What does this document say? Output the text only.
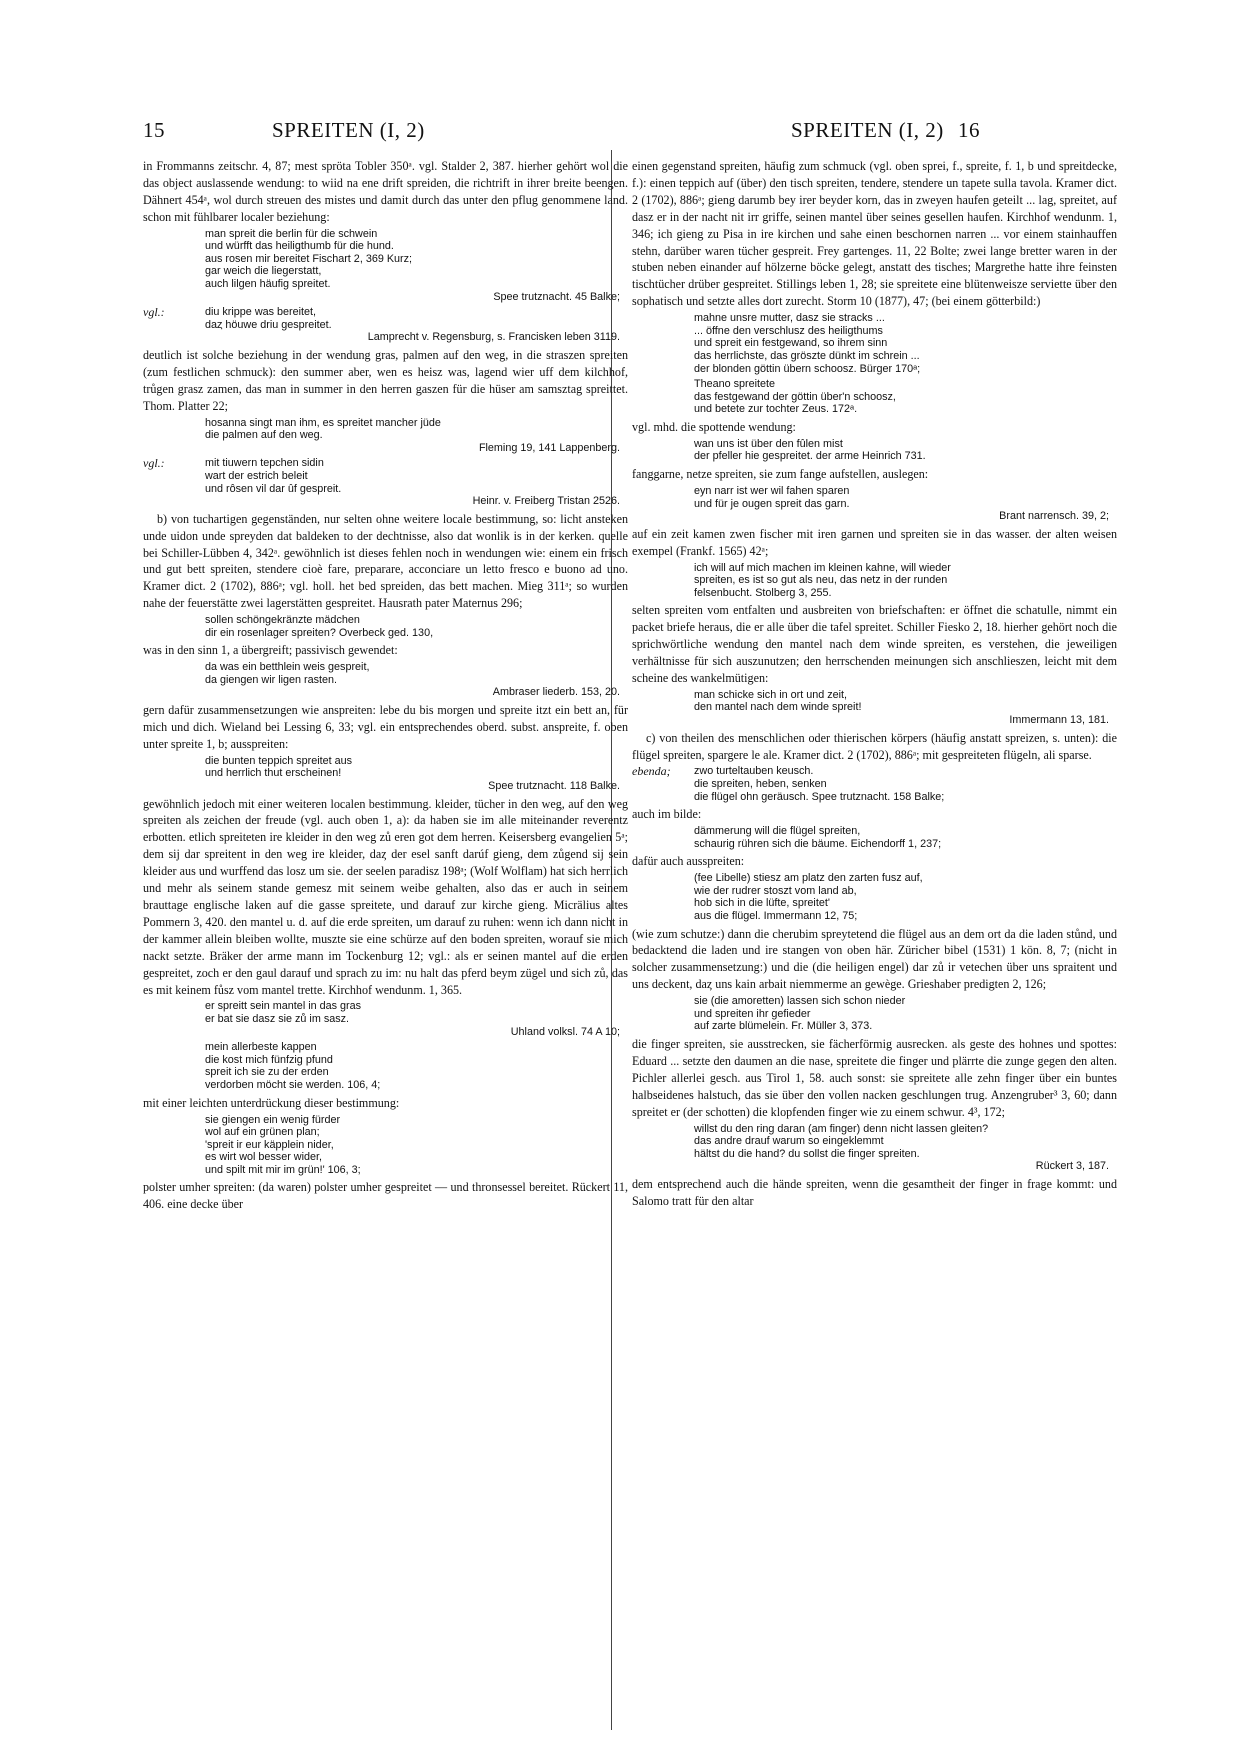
15	SPREITEN (I, 2)	SPREITEN (I, 2) 16

in Frommanns zeitschr. 4, 87; mest spröta Tobler 350ᵃ. vgl. Stalder 2, 387. hierher gehört wol die das object auslassende wendung: to wiid na ene drift spreiden, die richtrift in ihrer breite beengen. Dähnert 454ᵃ, wol durch streuen des mistes und damit durch das unter den pflug genommene land. schon mit fühlbarer localer beziehung:

man spreit die berlin für die schwein
und würfft das heiligthumb für die hund.
aus rosen mir bereitet Fischart 2, 369 Kurz;
gar weich die liegerstatt,
auch lilgen häufig spreitet.
Spee trutznacht. 45 Balke;
vgl.:	diu krippe was bereitet,
daȥ höuwe driu gespreitet.
Lamprecht v. Regensburg, s. Francisken leben 3119.

deutlich ist solche beziehung in der wendung gras, palmen auf den weg, in die straszen spreiten (zum festlichen schmuck): den summer aber, wen es heisz was, lagend wier uff dem kilchhof, trůgen grasz zamen, das man in summer in den herren gaszen für die hüser am samsztag spreittet. Thom. Platter 22;

hosanna singt man ihm, es spreitet mancher jüde
die palmen auf den weg.
Fleming 19, 141 Lappenberg.
vgl.:	mit tiuwern tepchen sidin
wart der estrich beleit
und rôsen vil dar ûf gespreit.
Heinr. v. Freiberg Tristan 2526.

b) von tuchartigen gegenständen, nur selten ohne weitere locale bestimmung, so: licht ansteken unde uidon unde spreyden dat baldeken to der dechtnisse, also dat wonlik is in der kerken. quelle bei Schiller-Lübben 4, 342ᵃ. gewöhnlich ist dieses fehlen noch in wendungen wie: einem ein frisch und gut bett spreiten, stendere cioè fare, preparare, acconciare un letto fresco e buono ad uno. Kramer dict. 2 (1702), 886ᵃ; vgl. holl. het bed spreiden, das bett machen. Mieg 311ᵃ; so wurden nahe der feuerstätte zwei lagerstätten gespreitet. Hausrath pater Maternus 296;

sollen schöngekränzte mädchen
dir ein rosenlager spreiten? Overbeck ged. 130,

was in den sinn 1, a übergreift; passivisch gewendet:

da was ein betthlein weis gespreit,
da giengen wir ligen rasten.
Ambraser liederb. 153, 20.

gern dafür zusammensetzungen wie anspreiten: lebe du bis morgen und spreite itzt ein bett an, für mich und dich. Wieland bei Lessing 6, 33; vgl. ein entsprechendes oberd. subst. anspreite, f. oben unter spreite 1, b; ausspreiten:

die bunten teppich spreitet aus
und herrlich thut erscheinen!
Spee trutznacht. 118 Balke.

gewöhnlich jedoch mit einer weiteren localen bestimmung. kleider, tücher in den weg, auf den weg spreiten als zeichen der freude (vgl. auch oben 1, a): da haben sie im alle miteinander reverentz erbotten. etlich spreiteten ire kleider in den weg zů eren got dem herren. Keisersberg evangelien 5ᵃ; dem sij dar spreitent in den weg ire kleider, daȥ der esel sanft darúf gieng, dem zůgend sij sein kleider aus und wurffend das losz um sie. der seelen paradisz 198ᵃ; (Wolf Wolflam) hat sich herrlich und mehr als seinem stande gemesz mit seinem weibe gehalten, also das er auch in seinem brauttage englische laken auf die gasse spreitete, und darauf zur kirche gieng. Micrälius altes Pommern 3, 420. den mantel u. d. auf die erde spreiten, um darauf zu ruhen: wenn ich dann nicht in der kammer allein bleiben wollte, muszte sie eine schürze auf den boden spreiten, worauf sie mich nackt setzte. Bräker der arme mann im Tockenburg 12; vgl.: als er seinen mantel auf die erden gespreitet, zoch er den gaul darauf und sprach zu im: nu halt das pferd beym zügel und sich zů, das es mit keinem fůsz vom mantel trette. Kirchhof wendunm. 1, 365.

er spreitt sein mantel in das gras
er bat sie dasz sie zů im sasz.
Uhland volksl. 74 A 10;
mein allerbeste kappen
die kost mich fünfzig pfund
spreit ich sie zu der erden
verdorben möcht sie werden. 106, 4;

mit einer leichten unterdrückung dieser bestimmung:

sie giengen ein wenig fürder
wol auf ein grünen plan;
'spreit ir eur käpplein nider,
es wirt wol besser wider,
und spilt mit mir im grün!' 106, 3;

polster umher spreiten: (da waren) polster umher gespreitet — und thronsessel bereitet. Rückert 11, 406. eine decke über

einen gegenstand spreiten, häufig zum schmuck (vgl. oben sprei, f., spreite, f. 1, b und spreitdecke, f.): einen teppich auf (über) den tisch spreiten, tendere, stendere un tapete sulla tavola. Kramer dict. 2 (1702), 886ᵃ; gieng darumb bey irer beyder korn, das in zweyen haufen geteilt ... lag, spreitet, auf dasz er in der nacht nit irr griffe, seinen mantel über seines gesellen haufen. Kirchhof wendunm. 1, 346; ich gieng zu Pisa in ire kirchen und sahe einen beschornen narren ... vor einem stainhauffen stehn, darüber waren tücher gespreit. Frey gartenges. 11, 22 Bolte; zwei lange bretter waren in der stuben neben einander auf hölzerne böcke gelegt, anstatt des tisches; Margrethe hatte ihre feinsten tischtücher drüber gespreitet. Stillings leben 1, 28; sie spreitete eine blütenweisze serviette über den sophatisch und setzte alles dort zurecht. Storm 10 (1877), 47; (bei einem götterbild:)

mahne unsre mutter, dasz sie stracks ...
... öffne den verschlusz des heiligthums
und spreit ein festgewand, so ihrem sinn
das herrlichste, das gröszte dünkt im schrein ...
der blonden göttin übern schoosz. Bürger 170ᵃ;
Theano spreitete
das festgewand der göttin über'n schoosz,
und betete zur tochter Zeus. 172ᵃ.

vgl. mhd. die spottende wendung:

wan uns ist über den fûlen mist
der pfeller hie gespreitet. der arme Heinrich 731.

fanggarne, netze spreiten, sie zum fange aufstellen, auslegen:

eyn narr ist wer wil fahen sparen
und für je ougen spreit das garn.
Brant narrensch. 39, 2;

auf ein zeit kamen zwen fischer mit iren garnen und spreiten sie in das wasser. der alten weisen exempel (Frankf. 1565) 42ᵃ;

ich will auf mich machen im kleinen kahne, will wieder
spreiten, es ist so gut als neu, das netz in der runden
felsenbucht. Stolberg 3, 255.

selten spreiten vom entfalten und ausbreiten von briefschaften: er öffnet die schatulle, nimmt ein packet briefe heraus, die er alle über die tafel spreitet. Schiller Fiesko 2, 18. hierher gehört noch die sprichwörtliche wendung den mantel nach dem winde spreiten, es verstehen, die jeweiligen verhältnisse für sich auszunutzen; den herrschenden meinungen sich anschlieszen, leicht mit dem scheine des wankelmütigen:

man schicke sich in ort und zeit,
den mantel nach dem winde spreit!
Immermann 13, 181.

c) von theilen des menschlichen oder thierischen körpers (häufig anstatt spreizen, s. unten): die flügel spreiten, spargere le ale. Kramer dict. 2 (1702), 886ᵃ; mit gespreiteten flügeln, ali sparse.

ebenda;	zwo turteltauben keusch.
die spreiten, heben, senken
die flügel ohn geräusch. Spee trutznacht. 158 Balke;

auch im bilde:

dämmerung will die flügel spreiten,
schaurig rühren sich die bäume. Eichendorff 1, 237;

dafür auch ausspreiten:

(fee Libelle) stiesz am platz den zarten fusz auf,
wie der rudrer stoszt vom land ab,
hob sich in die lüfte, spreitet'
aus die flügel. Immermann 12, 75;

(wie zum schutze:) dann die cherubim spreytetend die flügel aus an dem ort da die laden stůnd, und bedacktend die laden und ire stangen von oben här. Züricher bibel (1531) 1 kön. 8, 7; (nicht in solcher zusammensetzung:) und die (die heiligen engel) dar zů ir vetechen über uns spraitent und uns deckent, daȥ uns kain arbait niemmerme an gewège. Grieshaber predigten 2, 126;

sie (die amoretten) lassen sich schon nieder
und spreiten ihr gefieder
auf zarte blümelein. Fr. Müller 3, 373.

die finger spreiten, sie ausstrecken, sie fächerförmig ausrecken. als geste des hohnes und spottes: Eduard ... setzte den daumen an die nase, spreitete die finger und plärrte die zunge gegen den alten. Pichler allerlei gesch. aus Tirol 1, 58. auch sonst: sie spreitete alle zehn finger über ein buntes halbseidenes halstuch, das sie über den vollen nacken geschlungen trug. Anzengruber³ 3, 60; dann spreitet er (der schotten) die klopfenden finger wie zu einem schwur. 4³, 172;

willst du den ring daran (am finger) denn nicht lassen gleiten?
das andre drauf warum so eingeklemmt
hältst du die hand? du sollst die finger spreiten.
Rückert 3, 187.

dem entsprechend auch die hände spreiten, wenn die gesamtheit der finger in frage kommt: und Salomo tratt für den altar
